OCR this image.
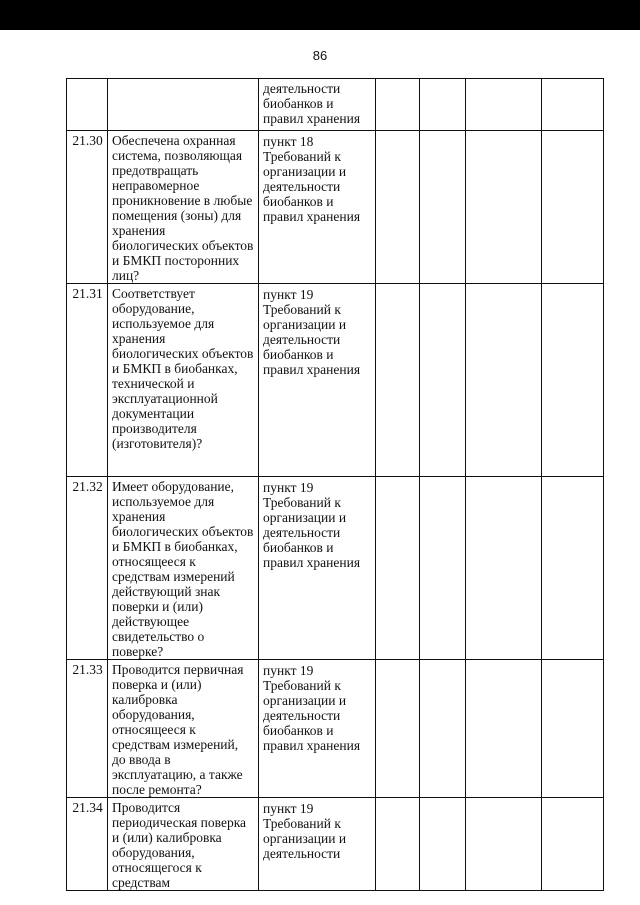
86
		деятельности биобанков и правил хранения				
21.30	Обеспечена охранная система, позволяющая предотвращать неправомерное проникновение в любые помещения (зоны) для хранения биологических объектов и БМКП посторонних лиц?	пункт 18 Требований к организации и деятельности биобанков и правил хранения				
21.31	Соответствует оборудование, используемое для хранения биологических объектов и БМКП в биобанках, технической и эксплуатационной документации производителя (изготовителя)?	пункт 19 Требований к организации и деятельности биобанков и правил хранения				
21.32	Имеет оборудование, используемое для хранения биологических объектов и БМКП в биобанках, относящееся к средствам измерений действующий знак поверки и (или) действующее свидетельство о поверке?	пункт 19 Требований к организации и деятельности биобанков и правил хранения				
21.33	Проводится первичная поверка и (или) калибровка оборудования, относящееся к средствам измерений, до ввода в эксплуатацию, а также после ремонта?	пункт 19 Требований к организации и деятельности биобанков и правил хранения				
21.34	Проводится периодическая поверка и (или) калибровка оборудования, относящегося к средствам	пункт 19 Требований к организации и деятельности				
